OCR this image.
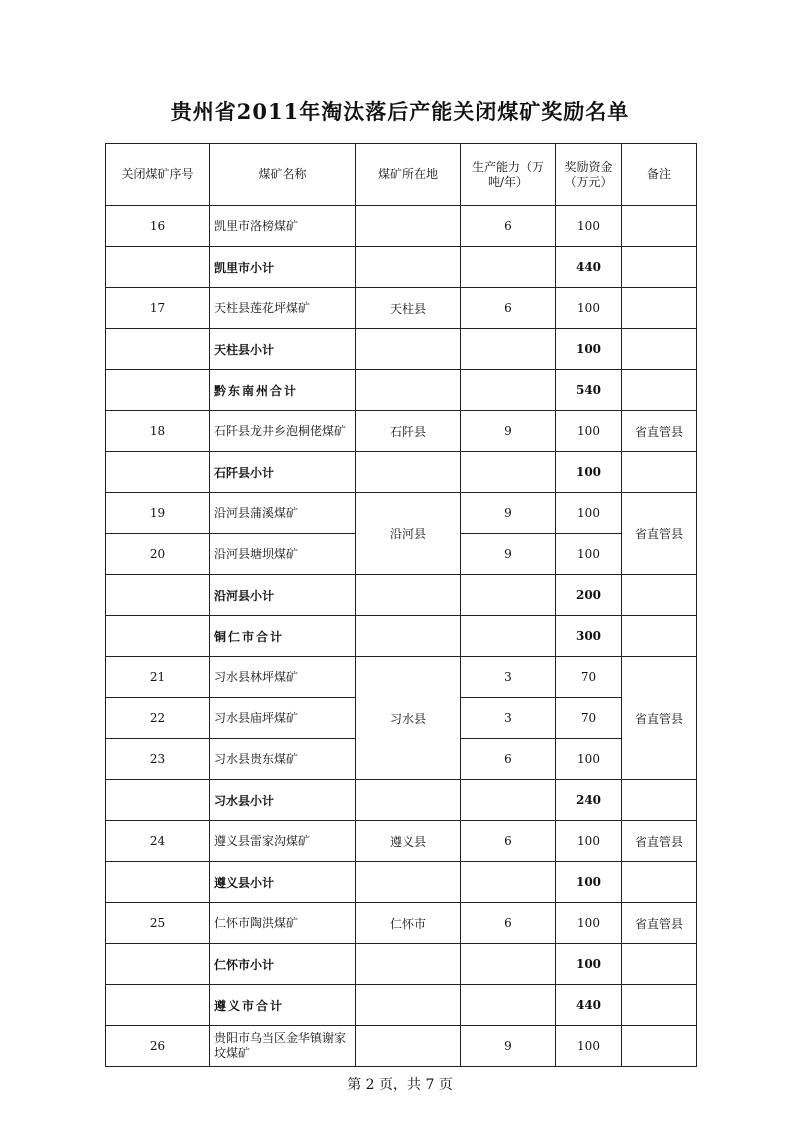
贵州省2011年淘汰落后产能关闭煤矿奖励名单
关闭煤矿序号	煤矿名称	煤矿所在地	生产能力（万吨/年）	奖励资金（万元）	备注
16	凯里市洛榜煤矿		6	100	
	凯里市小计			440	
17	天柱县莲花坪煤矿	天柱县	6	100	
	天柱县小计			100	
	黔东南州合计			540	
18	石阡县龙井乡泡桐佬煤矿	石阡县	9	100	省直管县
	石阡县小计			100	
19	沿河县蒲溪煤矿	沿河县	9	100	省直管县
20	沿河县塘坝煤矿		9	100	
	沿河县小计			200	
	铜仁市合计			300	
21	习水县林坪煤矿	习水县	3	70	省直管县
22	习水县庙坪煤矿		3	70	
23	习水县贵东煤矿		6	100	
	习水县小计			240	
24	遵义县雷家沟煤矿	遵义县	6	100	省直管县
	遵义县小计			100	
25	仁怀市陶洪煤矿	仁怀市	6	100	省直管县
	仁怀市小计			100	
	遵义市合计			440	
26	贵阳市乌当区金华镇谢家坟煤矿		9	100	
第 2 页，共 7 页
